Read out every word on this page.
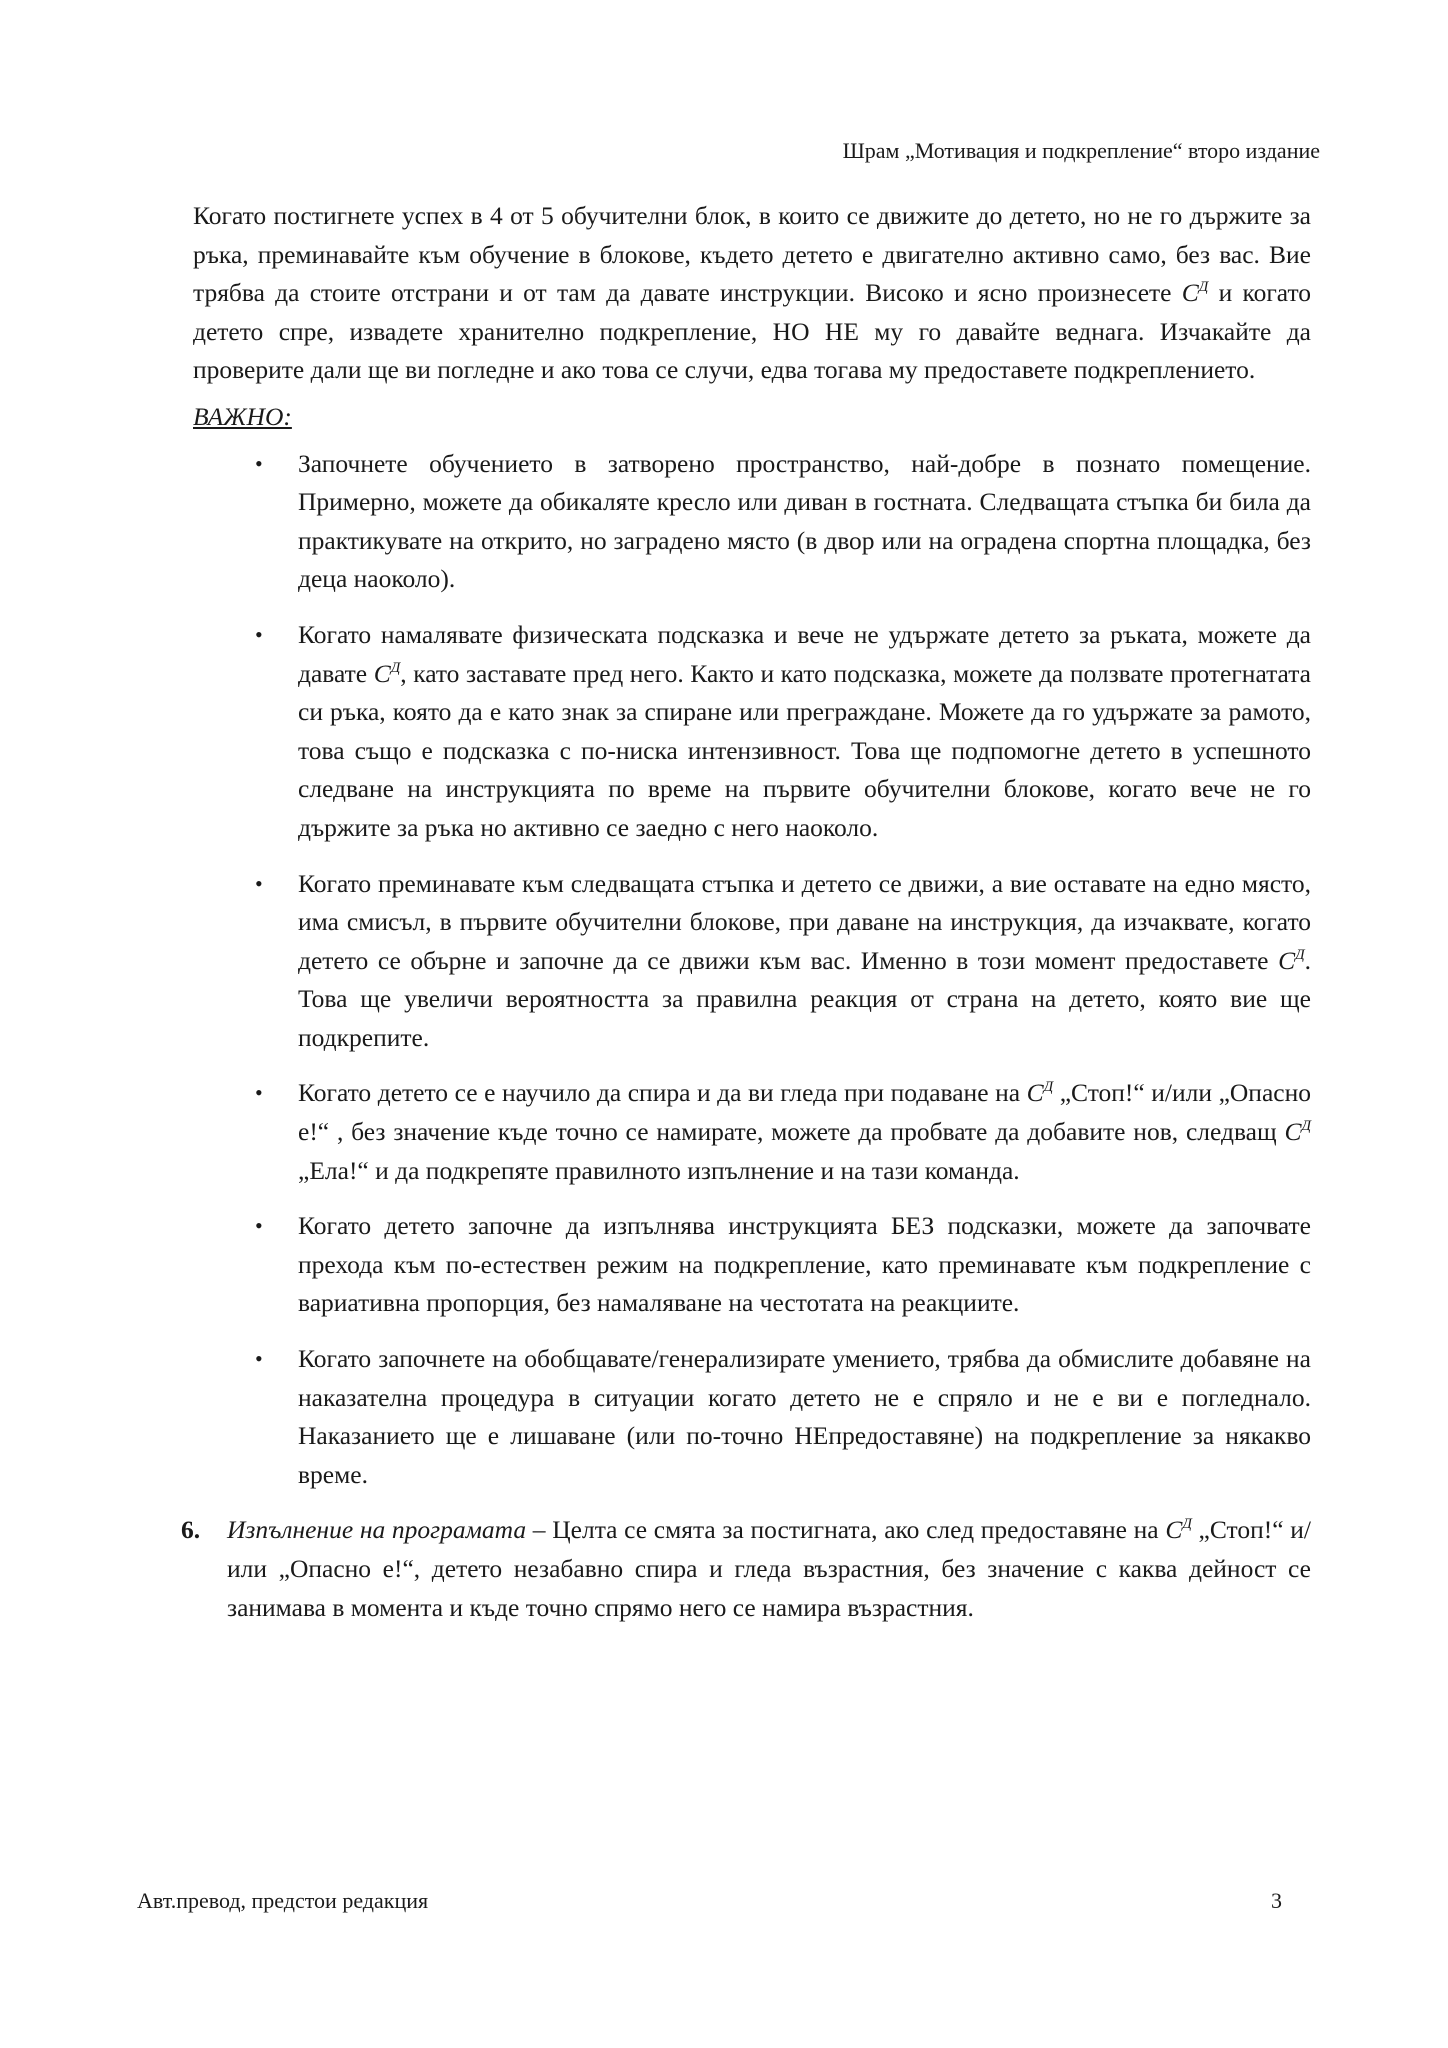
Шрам „Мотивация и подкрепление“ второ издание

Когато постигнете успех в 4 от 5 обучителни блок, в които се движите до детето, но не го държите за ръка, преминавайте към обучение в блокове, където детето е двигателно активно само, без вас. Вие трябва да стоите отстрани и от там да давате инструкции. Високо и ясно произнесете $С^Д$ и когато детето спре, извадете хранително подкрепление, НО НЕ му го давайте веднага. Изчакайте да проверите дали ще ви погледне и ако това се случи, едва тогава му предоставете подкреплението.

ВАЖНО:
• Започнете обучението в затворено пространство, най-добре в познато помещение. Примерно, можете да обикаляте кресло или диван в гостната. Следващата стъпка би била да практикувате на открито, но заградено място (в двор или на оградена спортна площадка, без деца наоколо).
• Когато намалявате физическата подсказка и вече не удържате детето за ръката, можете да давате $С^Д$, като заставате пред него. Както и като подсказка, можете да ползвате протегнатата си ръка, която да е като знак за спиране или преграждане. Можете да го удържате за рамото, това също е подсказка с по-ниска интензивност. Това ще подпомогне детето в успешното следване на инструкцията по време на първите обучителни блокове, когато вече не го държите за ръка но активно се заедно с него наоколо.
• Когато преминавате към следващата стъпка и детето се движи, а вие оставате на едно място, има смисъл, в първите обучителни блокове, при даване на инструкция, да изчаквате, когато детето се обърне и започне да се движи към вас. Именно в този момент предоставете $С^Д$. Това ще увеличи вероятността за правилна реакция от страна на детето, която вие ще подкрепите.
• Когато детето се е научило да спира и да ви гледа при подаване на $С^Д$ „Стоп!“ и/или „Опасно е!“ , без значение къде точно се намирате, можете да пробвате да добавите нов, следващ $С^Д$ „Ела!“ и да подкрепяте правилното изпълнение и на тази команда.
• Когато детето започне да изпълнява инструкцията БЕЗ подсказки, можете да започвате прехода към по-естествен режим на подкрепление, като преминавате към подкрепление с вариативна пропорция, без намаляване на честотата на реакциите.
• Когато започнете на обобщавате/генерализирате умението, трябва да обмислите добавяне на наказателна процедура в ситуации когато детето не е спряло и не е ви е погледнало. Наказанието ще е лишаване (или по-точно НЕпредоставяне) на подкрепление за някакво време.
6. Изпълнение на програмата – Целта се смята за постигната, ако след предоставяне на $С^Д$ „Стоп!“ и/или „Опасно е!“, детето незабавно спира и гледа възрастния, без значение с каква дейност се занимава в момента и къде точно спрямо него се намира възрастния.
Авт.превод, предстои редакция	3
